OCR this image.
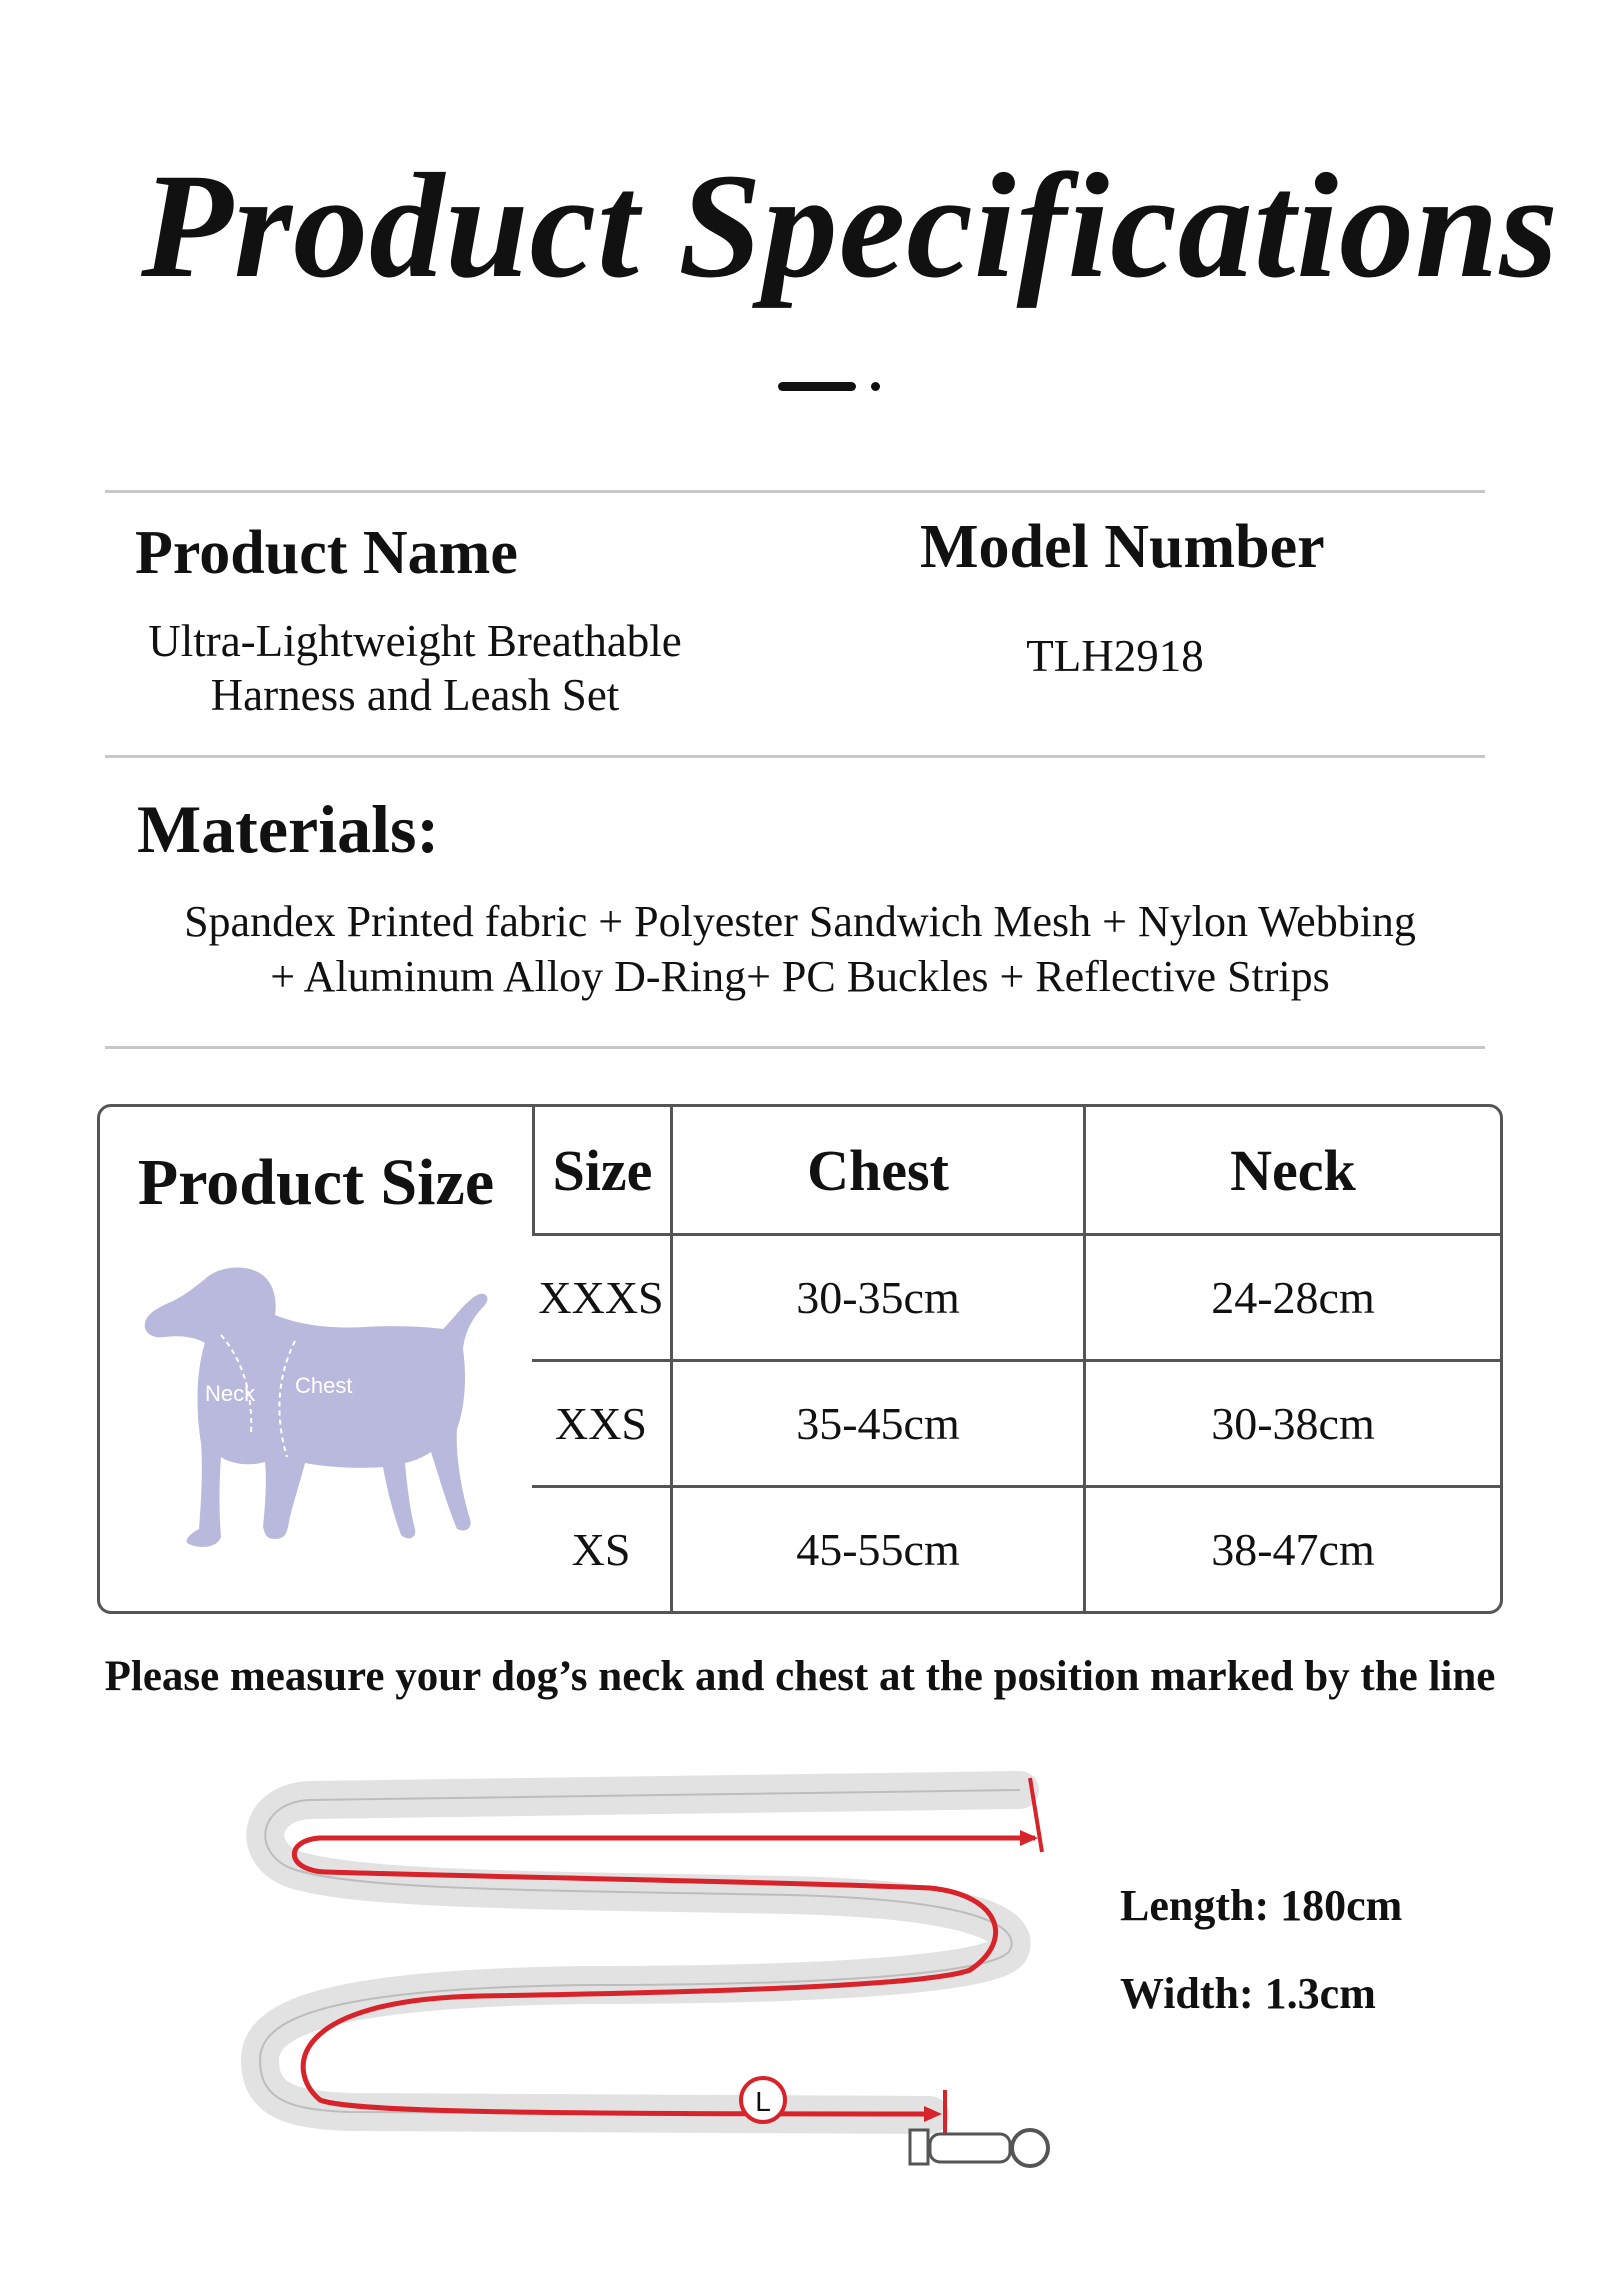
Product Specifications
Product Name
Ultra-Lightweight Breathable
Harness and Leash Set
Model Number
TLH2918
Materials:
Spandex Printed fabric + Polyester Sandwich Mesh + Nylon Webbing
+ Aluminum Alloy D-Ring+ PC Buckles + Reflective Strips
Product Size
Neck Chest	Size	Chest	Neck
	XXXS	30-35cm	24-28cm
	XXS	35-45cm	30-38cm
	XS	45-55cm	38-47cm
Please measure your dog’s neck and chest at the position marked by the line
L
Length: 180cm
Width: 1.3cm
